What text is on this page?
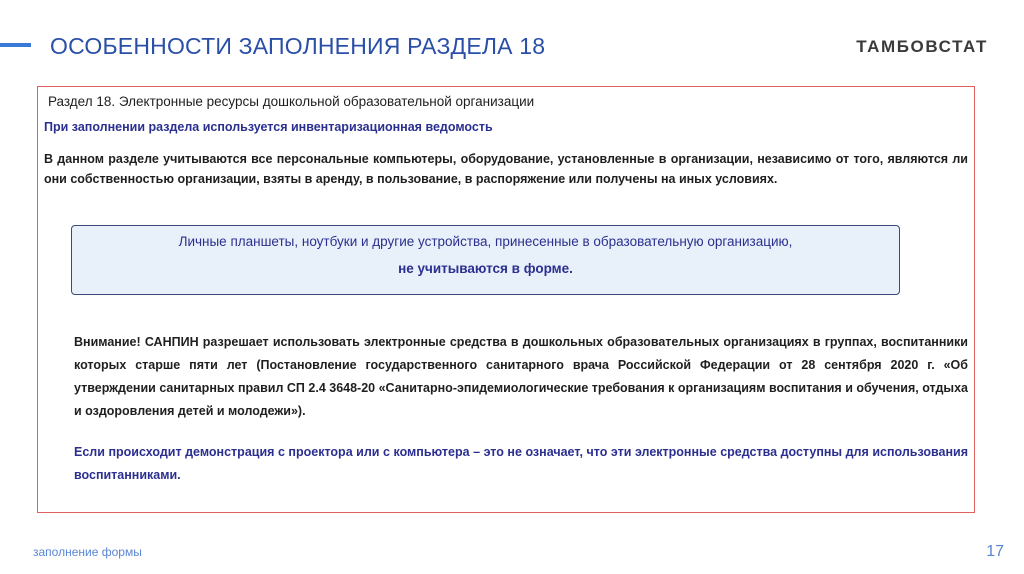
ОСОБЕННОСТИ ЗАПОЛНЕНИЯ РАЗДЕЛА 18	ТАМБОВСТАТ
Раздел 18. Электронные ресурсы дошкольной образовательной организации
При заполнении раздела используется инвентаризационная ведомость
В данном разделе учитываются все персональные компьютеры, оборудование, установленные в организации, независимо от того, являются ли они собственностью организации, взяты в аренду, в пользование, в распоряжение или получены на иных условиях.
Личные планшеты, ноутбуки и другие устройства, принесенные в образовательную организацию,
не учитываются в форме.
Внимание! САНПИН разрешает использовать электронные средства в дошкольных образовательных организациях в группах, воспитанники которых старше пяти лет (Постановление государственного санитарного врача Российской Федерации от 28 сентября 2020 г. «Об утверждении санитарных правил СП 2.4 3648-20 «Санитарно-эпидемиологические требования к организациям воспитания и обучения, отдыха и оздоровления детей и молодежи»).
Если происходит демонстрация с проектора или с компьютера – это не означает, что эти электронные средства доступны для использования воспитанниками.
заполнение формы	17
